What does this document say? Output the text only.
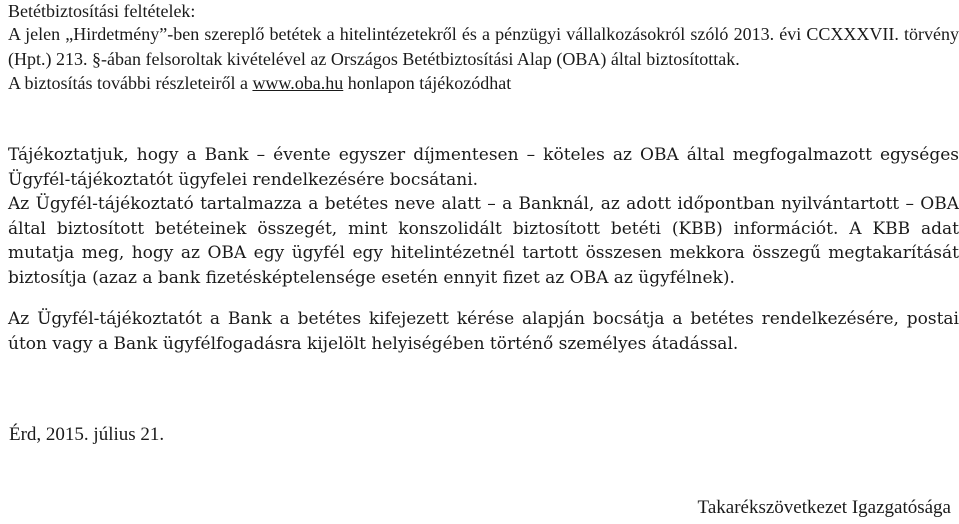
Betétbiztosítási feltételek:

A jelen „Hirdetmény”-ben szereplő betétek a hitelintézetekről és a pénzügyi vállalkozásokról szóló 2013. évi CCXXXVII. törvény (Hpt.) 213. §-ában felsoroltak kivételével az Országos Betétbiztosítási Alap (OBA) által biztosítottak.

A biztosítás további részleteiről a www.oba.hu honlapon tájékozódhat

Tájékoztatjuk, hogy a Bank – évente egyszer díjmentesen – köteles az OBA által megfogalmazott egységes Ügyfél-tájékoztatót ügyfelei rendelkezésére bocsátani.

Az Ügyfél-tájékoztató tartalmazza a betétes neve alatt – a Banknál, az adott időpontban nyilvántartott – OBA által biztosított betéteinek összegét, mint konszolidált biztosított betéti (KBB) információt. A KBB adat mutatja meg, hogy az OBA egy ügyfél egy hitelintézetnél tartott összesen mekkora összegű megtakarítását biztosítja (azaz a bank fizetésképtelensége esetén ennyit fizet az OBA az ügyfélnek).

Az Ügyfél-tájékoztatót a Bank a betétes kifejezett kérése alapján bocsátja a betétes rendelkezésére, postai úton vagy a Bank ügyfélfogadásra kijelölt helyiségében történő személyes átadással.

Érd, 2015. július 21.

Takarékszövetkezet Igazgatósága
